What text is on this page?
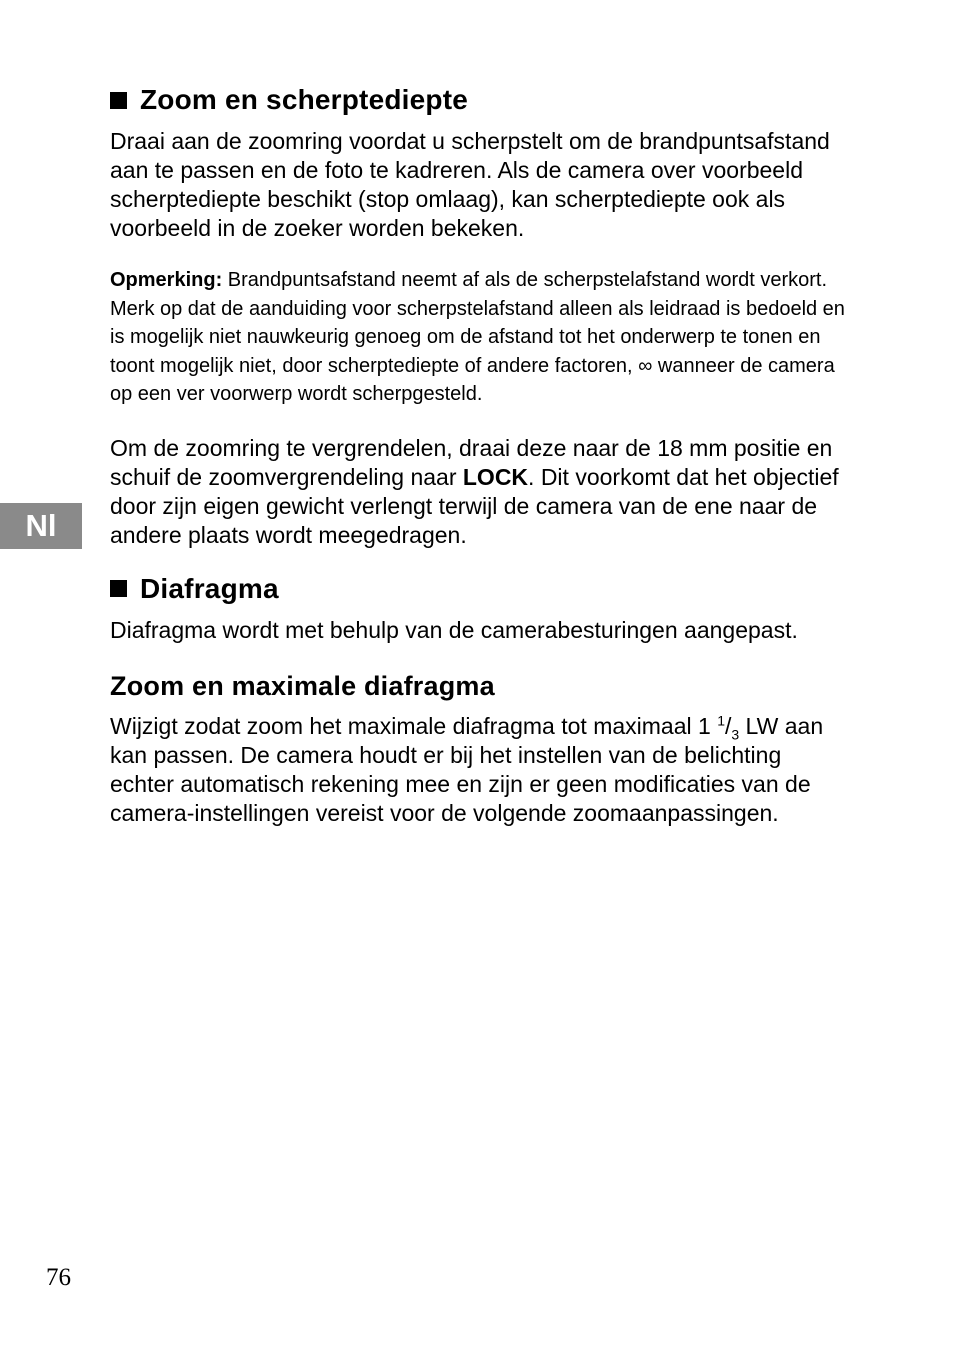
Nl
Zoom en scherptediepte

Draai aan de zoomring voordat u scherpstelt om de brandpuntsafstand aan te passen en de foto te kadreren. Als de camera over voorbeeld scherptediepte beschikt (stop omlaag), kan scherptediepte ook als voorbeeld in de zoeker worden bekeken.

Opmerking: Brandpuntsafstand neemt af als de scherpstelafstand wordt verkort. Merk op dat de aanduiding voor scherpstelafstand alleen als leidraad is bedoeld en is mogelijk niet nauwkeurig genoeg om de afstand tot het onderwerp te tonen en toont mogelijk niet, door scherptediepte of andere factoren, ∞ wanneer de camera op een ver voorwerp wordt scherpgesteld.

Om de zoomring te vergrendelen, draai deze naar de 18 mm positie en schuif de zoomvergrendeling naar LOCK. Dit voorkomt dat het objectief door zijn eigen gewicht verlengt terwijl de camera van de ene naar de andere plaats wordt meegedragen.

Diafragma

Diafragma wordt met behulp van de camerabesturingen aangepast.

Zoom en maximale diafragma

Wijzigt zodat zoom het maximale diafragma tot maximaal 1 $^1/_3$ LW aan kan passen. De camera houdt er bij het instellen van de belichting echter automatisch rekening mee en zijn er geen modificaties van de camera-instellingen vereist voor de volgende zoomaanpassingen.

76
